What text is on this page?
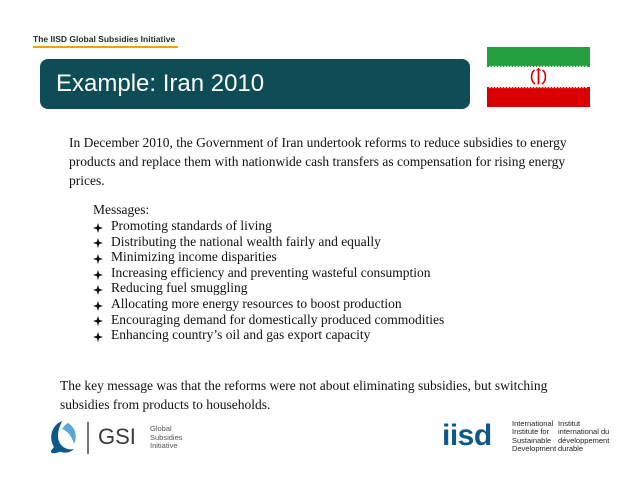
The IISD Global Subsidies Initiative
Example: Iran 2010
In December 2010, the Government of Iran undertook reforms to reduce subsidies to energy products and replace them with nationwide cash transfers as compensation for rising energy prices.
Messages:
Promoting standards of living
Distributing the national wealth fairly and equally
Minimizing income disparities
Increasing efficiency and preventing wasteful consumption
Reducing fuel smuggling
Allocating more energy resources to boost production
Encouraging demand for domestically produced commodities
Enhancing country’s oil and gas export capacity
The key message was that the reforms were not about eliminating subsidies, but switching subsidies from products to households.
GSI Global
Subsidies
Initiative	iisd	International
Institute for
Sustainable
Development
Institut
international du
développement
durable
